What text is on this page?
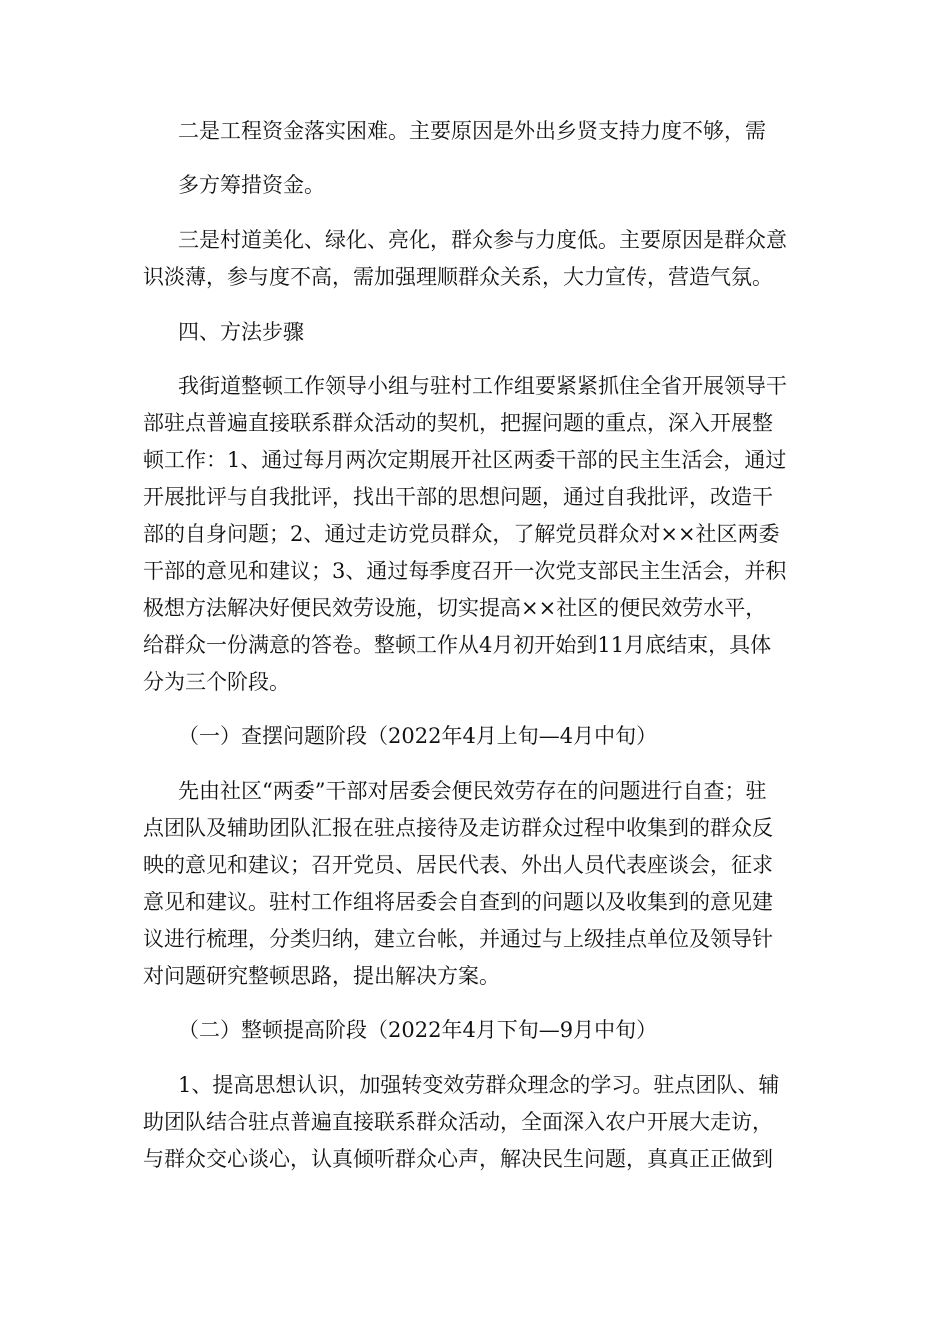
二是工程资金落实困难。主要原因是外出乡贤支持力度不够，需

多方筹措资金。

三是村道美化、绿化、亮化，群众参与力度低。主要原因是群众意

识淡薄，参与度不高，需加强理顺群众关系，大力宣传，营造气氛。

四、方法步骤

我街道整顿工作领导小组与驻村工作组要紧紧抓住全省开展领导干

部驻点普遍直接联系群众活动的契机，把握问题的重点，深入开展整

顿工作：1、通过每月两次定期展开社区两委干部的民主生活会，通过

开展批评与自我批评，找出干部的思想问题，通过自我批评，改造干

部的自身问题；2、通过走访党员群众，了解党员群众对××社区两委

干部的意见和建议；3、通过每季度召开一次党支部民主生活会，并积

极想方法解决好便民效劳设施，切实提高××社区的便民效劳水平，

给群众一份满意的答卷。整顿工作从4月初开始到11月底结束，具体

分为三个阶段。

（一）查摆问题阶段（2022年4月上旬—4月中旬）

先由社区“两委”干部对居委会便民效劳存在的问题进行自查；驻

点团队及辅助团队汇报在驻点接待及走访群众过程中收集到的群众反

映的意见和建议；召开党员、居民代表、外出人员代表座谈会，征求

意见和建议。驻村工作组将居委会自查到的问题以及收集到的意见建

议进行梳理，分类归纳，建立台帐，并通过与上级挂点单位及领导针

对问题研究整顿思路，提出解决方案。

（二）整顿提高阶段（2022年4月下旬—9月中旬）

1、提高思想认识，加强转变效劳群众理念的学习。驻点团队、辅

助团队结合驻点普遍直接联系群众活动，全面深入农户开展大走访，

与群众交心谈心，认真倾听群众心声，解决民生问题，真真正正做到
